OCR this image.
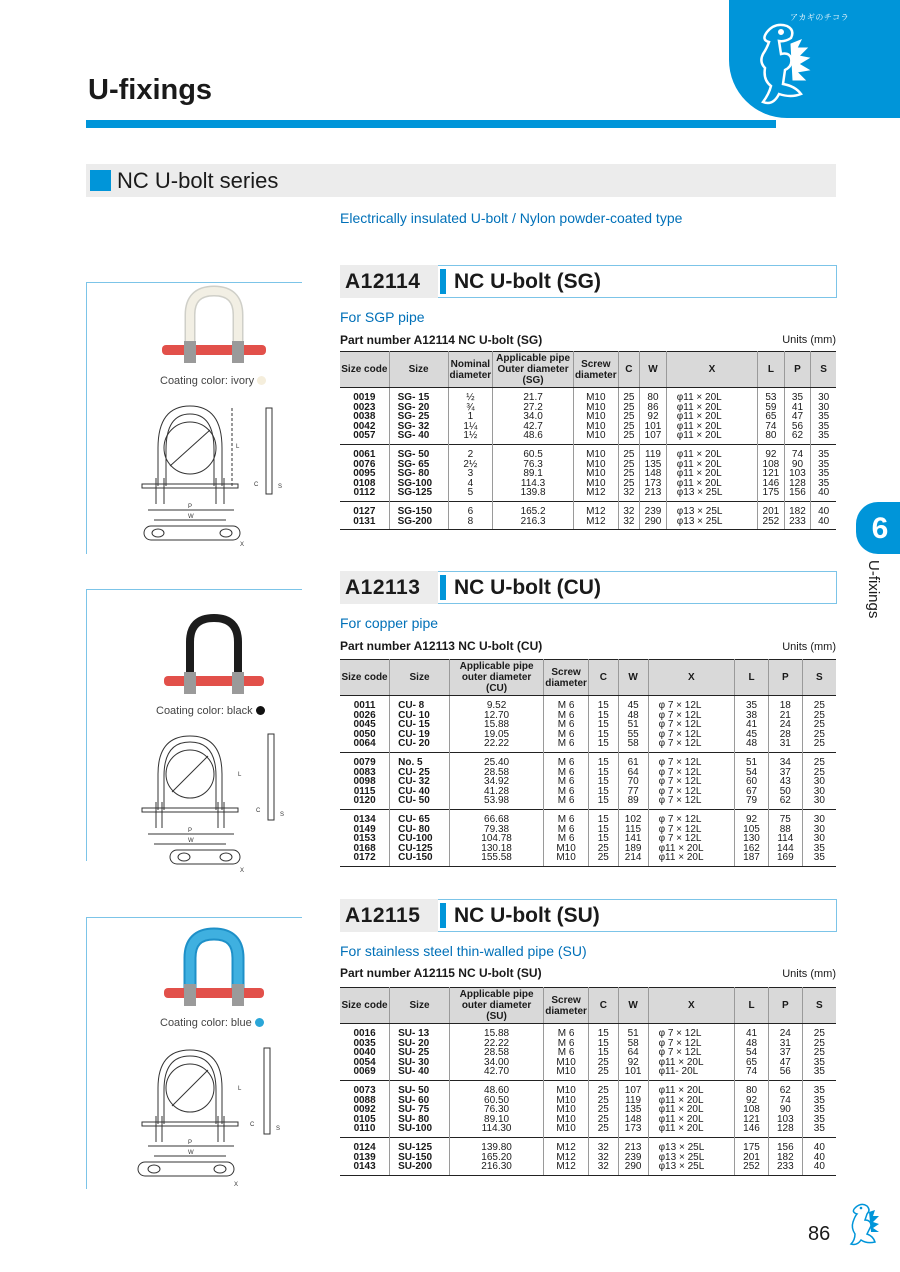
アカギのチコラ
U-fixings
NC U-bolt series
Electrically insulated U-bolt / Nylon powder-coated type
6
U-fixings
A12114	NC U-bolt (SG)
For SGP pipe
Part number A12114 NC U-bolt (SG)	Units (mm)
Coating color: ivory
P
W
L
C	S
X
Size code	Size	Nominal diameter	Applicable pipe Outer diameter (SG)	Screw diameter	C	W	X	L	P	S
0019	SG- 15	½	21.7	M10	25	80	φ11 × 20L	53	35	30
0023	SG- 20	¾	27.2	M10	25	86	φ11 × 20L	59	41	30
0038	SG- 25	1	34.0	M10	25	92	φ11 × 20L	65	47	35
0042	SG- 32	1¼	42.7	M10	25	101	φ11 × 20L	74	56	35
0057	SG- 40	1½	48.6	M10	25	107	φ11 × 20L	80	62	35
0061	SG- 50	2	60.5	M10	25	119	φ11 × 20L	92	74	35
0076	SG- 65	2½	76.3	M10	25	135	φ11 × 20L	108	90	35
0095	SG- 80	3	89.1	M10	25	148	φ11 × 20L	121	103	35
0108	SG-100	4	114.3	M10	25	173	φ11 × 20L	146	128	35
0112	SG-125	5	139.8	M12	32	213	φ13 × 25L	175	156	40
0127	SG-150	6	165.2	M12	32	239	φ13 × 25L	201	182	40
0131	SG-200	8	216.3	M12	32	290	φ13 × 25L	252	233	40
A12113	NC U-bolt (CU)
For copper pipe
Part number A12113 NC U-bolt (CU)	Units (mm)
Coating color: black
P
W
L
C
S
X
Size code	Size	Applicable pipe outer diameter (CU)	Screw diameter	C	W	X	L	P	S
0011	CU- 8	9.52	M 6	15	45	φ 7 × 12L	35	18	25
0026	CU- 10	12.70	M 6	15	48	φ 7 × 12L	38	21	25
0045	CU- 15	15.88	M 6	15	51	φ 7 × 12L	41	24	25
0050	CU- 19	19.05	M 6	15	55	φ 7 × 12L	45	28	25
0064	CU- 20	22.22	M 6	15	58	φ 7 × 12L	48	31	25
0079	No. 5	25.40	M 6	15	61	φ 7 × 12L	51	34	25
0083	CU- 25	28.58	M 6	15	64	φ 7 × 12L	54	37	25
0098	CU- 32	34.92	M 6	15	70	φ 7 × 12L	60	43	30
0115	CU- 40	41.28	M 6	15	77	φ 7 × 12L	67	50	30
0120	CU- 50	53.98	M 6	15	89	φ 7 × 12L	79	62	30
0134	CU- 65	66.68	M 6	15	102	φ 7 × 12L	92	75	30
0149	CU- 80	79.38	M 6	15	115	φ 7 × 12L	105	88	30
0153	CU-100	104.78	M 6	15	141	φ 7 × 12L	130	114	30
0168	CU-125	130.18	M10	25	189	φ11 × 20L	162	144	35
0172	CU-150	155.58	M10	25	214	φ11 × 20L	187	169	35
A12115	NC U-bolt (SU)
For stainless steel thin-walled pipe (SU)
Part number A12115 NC U-bolt (SU)	Units (mm)
Coating color: blue
P
W
L
C
S
X
Size code	Size	Applicable pipe outer diameter (SU)	Screw diameter	C	W	X	L	P	S
0016	SU- 13	15.88	M 6	15	51	φ 7 × 12L	41	24	25
0035	SU- 20	22.22	M 6	15	58	φ 7 × 12L	48	31	25
0040	SU- 25	28.58	M 6	15	64	φ 7 × 12L	54	37	25
0054	SU- 30	34.00	M10	25	92	φ11 × 20L	65	47	35
0069	SU- 40	42.70	M10	25	101	φ11- 20L	74	56	35
0073	SU- 50	48.60	M10	25	107	φ11 × 20L	80	62	35
0088	SU- 60	60.50	M10	25	119	φ11 × 20L	92	74	35
0092	SU- 75	76.30	M10	25	135	φ11 × 20L	108	90	35
0105	SU- 80	89.10	M10	25	148	φ11 × 20L	121	103	35
0110	SU-100	114.30	M10	25	173	φ11 × 20L	146	128	35
0124	SU-125	139.80	M12	32	213	φ13 × 25L	175	156	40
0139	SU-150	165.20	M12	32	239	φ13 × 25L	201	182	40
0143	SU-200	216.30	M12	32	290	φ13 × 25L	252	233	40
86
